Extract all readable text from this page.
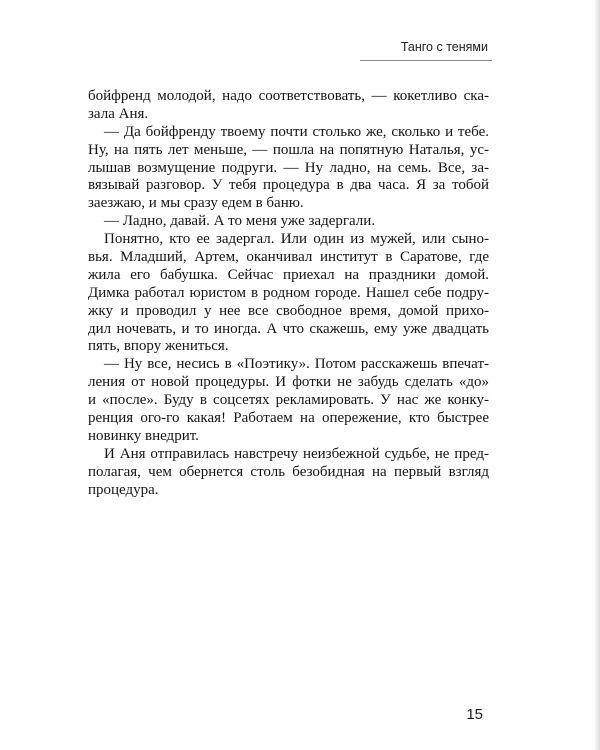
Танго с тенями
бойфренд молодой, надо соответствовать, — кокетливо ска-
зала Аня.
— Да бойфренду твоему почти столько же, сколько и тебе.
Ну, на пять лет меньше, — пошла на попятную Наталья, ус-
лышав возмущение подруги. — Ну ладно, на семь. Все, за-
вязывай разговор. У тебя процедура в два часа. Я за тобой
заезжаю, и мы сразу едем в баню.
— Ладно, давай. А то меня уже задергали.
Понятно, кто ее задергал. Или один из мужей, или сыно-
вья. Младший, Артем, оканчивал институт в Саратове, где
жила его бабушка. Сейчас приехал на праздники домой.
Димка работал юристом в родном городе. Нашел себе подру-
жку и проводил у нее все свободное время, домой прихо-
дил ночевать, и то иногда. А что скажешь, ему уже двадцать
пять, впору жениться.
— Ну все, несись в «Поэтику». Потом расскажешь впечат-
ления от новой процедуры. И фотки не забудь сделать «до»
и «после». Буду в соцсетях рекламировать. У нас же конку-
ренция ого-го какая! Работаем на опережение, кто быстрее
новинку внедрит.
И Аня отправилась навстречу неизбежной судьбе, не пред-
полагая, чем обернется столь безобидная на первый взгляд
процедура.
15
